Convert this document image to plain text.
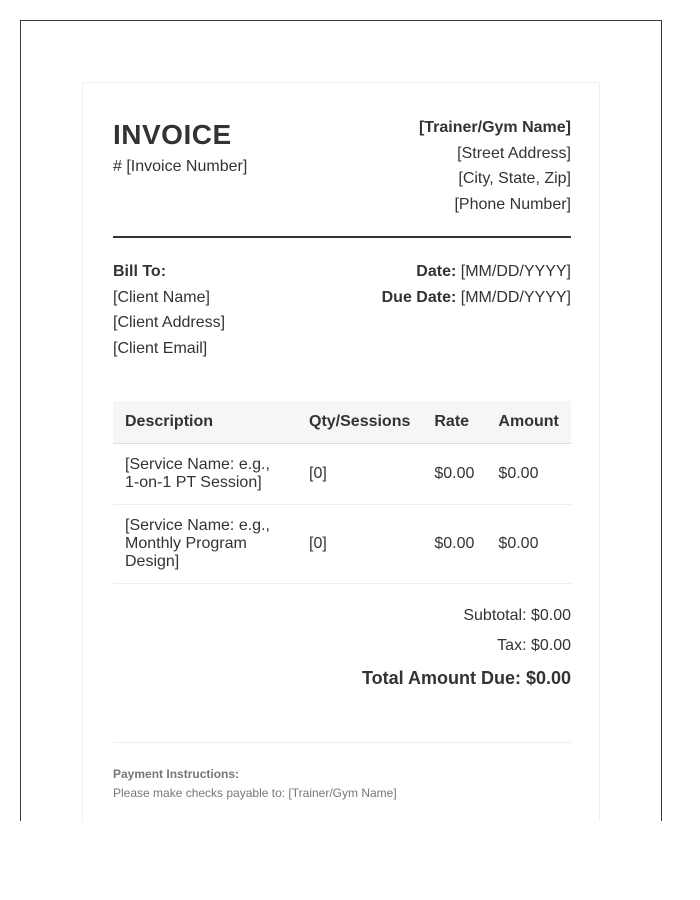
INVOICE
# [Invoice Number]
[Trainer/Gym Name]
[Street Address]
[City, State, Zip]
[Phone Number]
Bill To:
[Client Name]
[Client Address]
[Client Email]
Date: [MM/DD/YYYY]
Due Date: [MM/DD/YYYY]
Description	Qty/Sessions	Rate	Amount
[Service Name: e.g., 1-on-1 PT Session]	[0]	$0.00	$0.00
[Service Name: e.g., Monthly Program Design]	[0]	$0.00	$0.00
Subtotal: $0.00
Tax: $0.00
Total Amount Due: $0.00
Payment Instructions:
Please make checks payable to: [Trainer/Gym Name]
